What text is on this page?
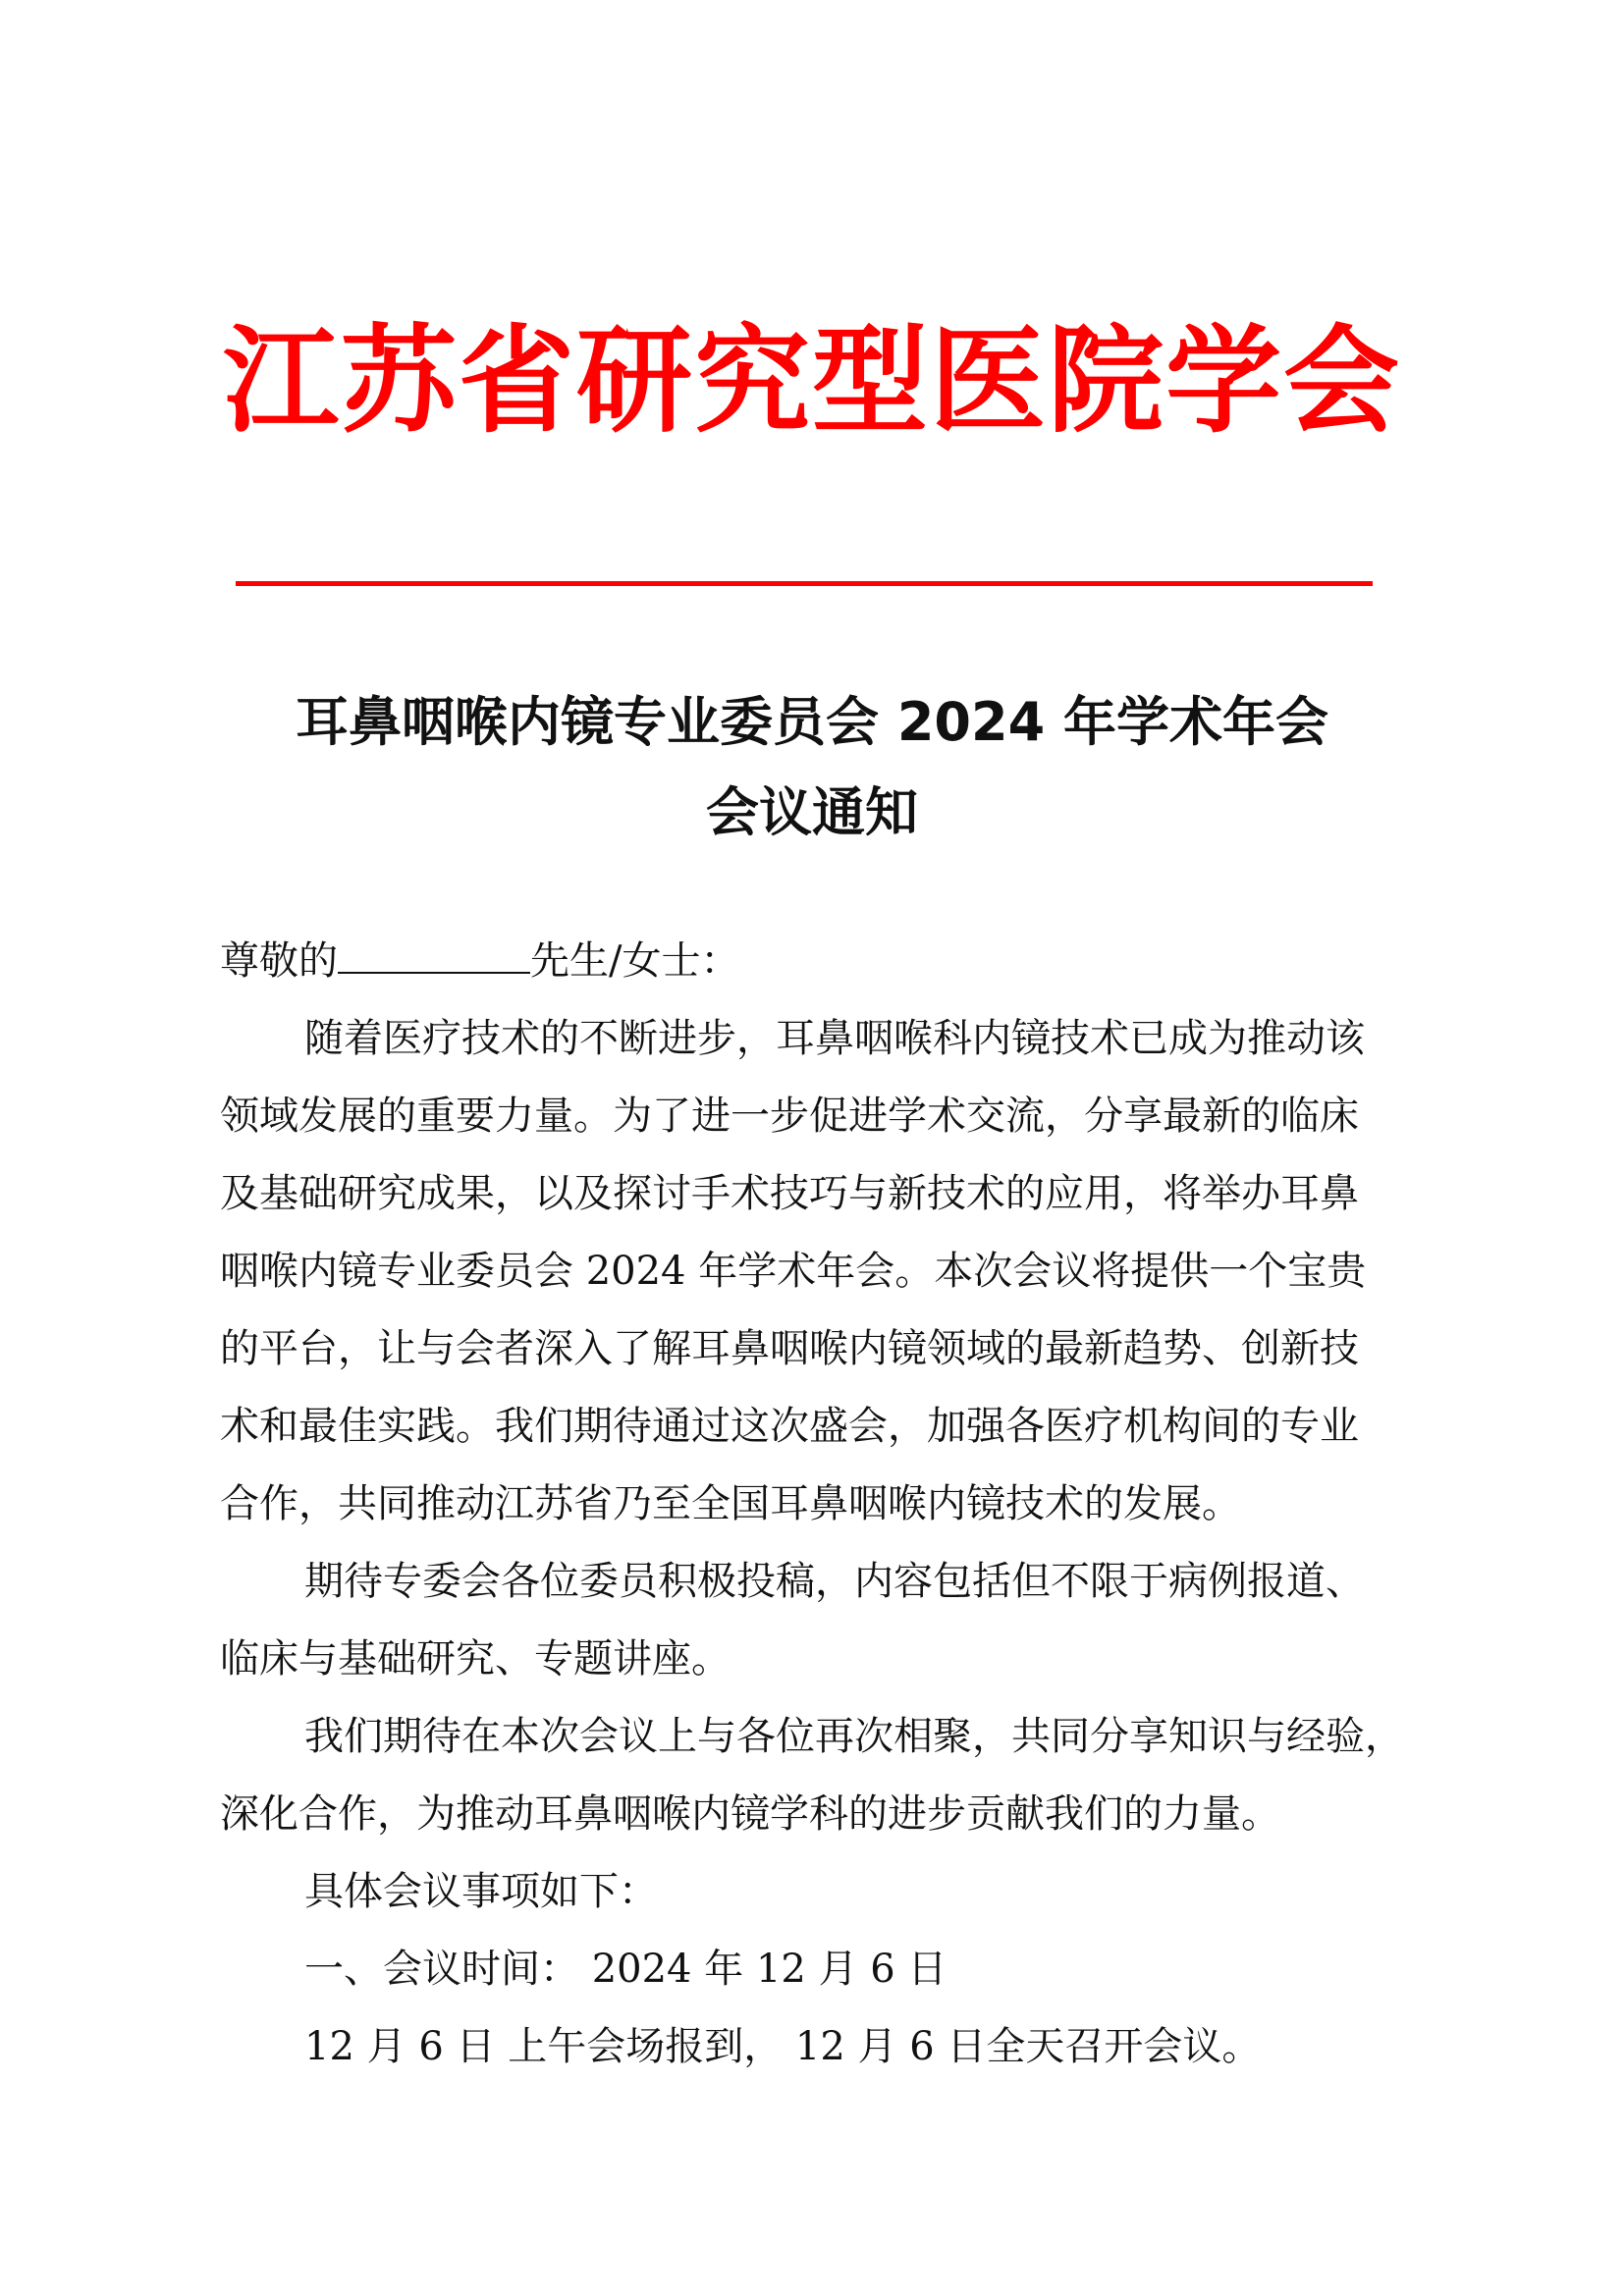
江苏省研究型医院学会
耳鼻咽喉内镜专业委员会 2024 年学术年会
会议通知
尊敬的	先生/女士：
随着医疗技术的不断进步，耳鼻咽喉科内镜技术已成为推动该
领域发展的重要力量。为了进一步促进学术交流，分享最新的临床
及基础研究成果，以及探讨手术技巧与新技术的应用，将举办耳鼻
咽喉内镜专业委员会 2024 年学术年会。本次会议将提供一个宝贵
的平台，让与会者深入了解耳鼻咽喉内镜领域的最新趋势、创新技
术和最佳实践。我们期待通过这次盛会，加强各医疗机构间的专业
合作，共同推动江苏省乃至全国耳鼻咽喉内镜技术的发展。
期待专委会各位委员积极投稿，内容包括但不限于病例报道、
临床与基础研究、专题讲座。
我们期待在本次会议上与各位再次相聚，共同分享知识与经验，
深化合作，为推动耳鼻咽喉内镜学科的进步贡献我们的力量。
具体会议事项如下：
一、会议时间： 2024 年 12 月 6 日
12 月 6 日 上午会场报到， 12 月 6 日全天召开会议。
